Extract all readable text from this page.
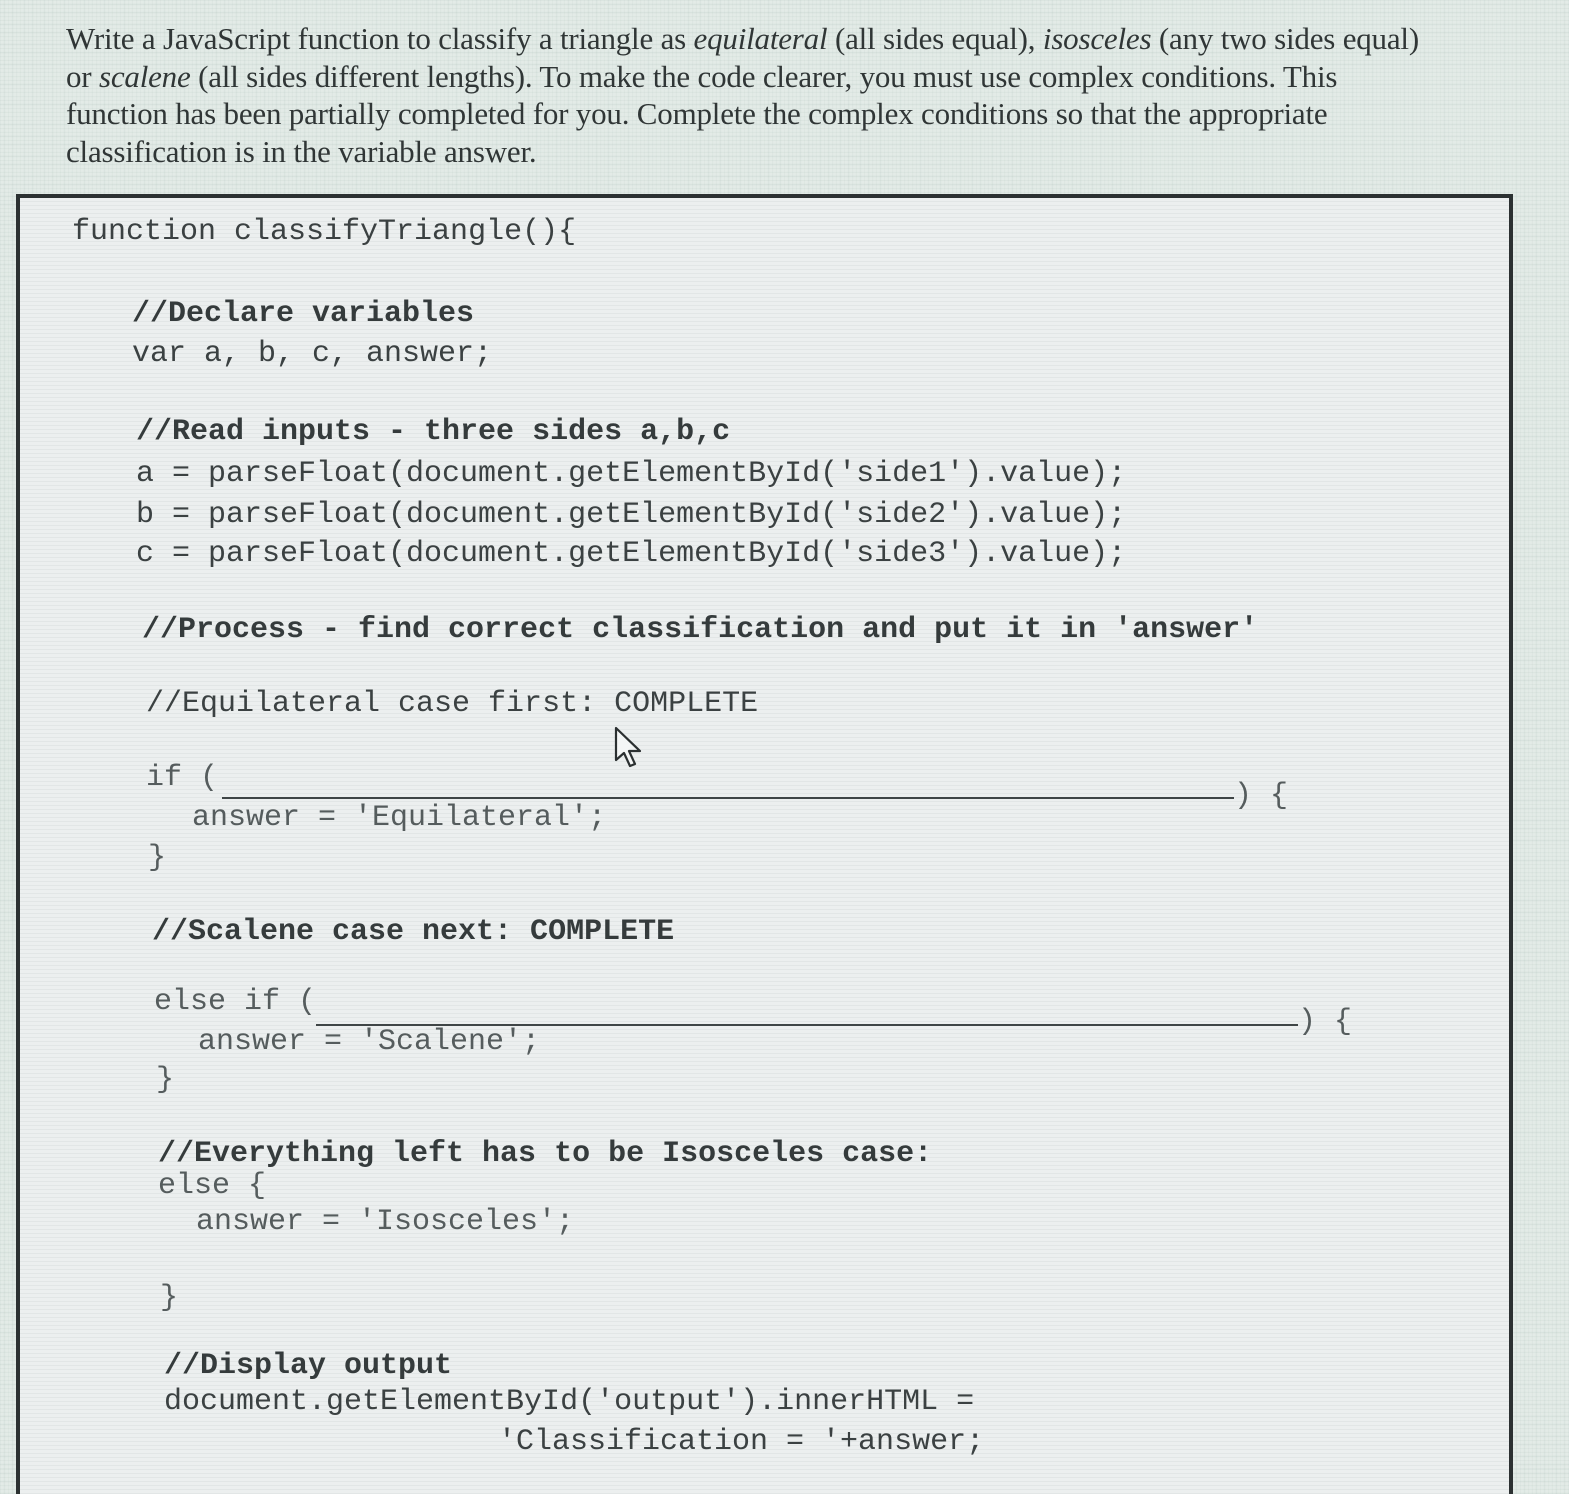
Write a JavaScript function to classify a triangle as equilateral (all sides equal), isosceles (any two sides equal) or scalene (all sides different lengths). To make the code clearer, you must use complex conditions. This function has been partially completed for you. Complete the complex conditions so that the appropriate classification is in the variable answer.
function classifyTriangle(){
//Declare variables
var a, b, c, answer;
//Read inputs - three sides a,b,c
a = parseFloat(document.getElementById('side1').value);
b = parseFloat(document.getElementById('side2').value);
c = parseFloat(document.getElementById('side3').value);
//Process - find correct classification and put it in 'answer'
//Equilateral case first: COMPLETE
if (
) {
answer = 'Equilateral';
}
//Scalene case next: COMPLETE
else if (
) {
answer = 'Scalene';
}
//Everything left has to be Isosceles case:
else {
answer = 'Isosceles';
}
//Display output
document.getElementById('output').innerHTML =
'Classification = '+answer;
